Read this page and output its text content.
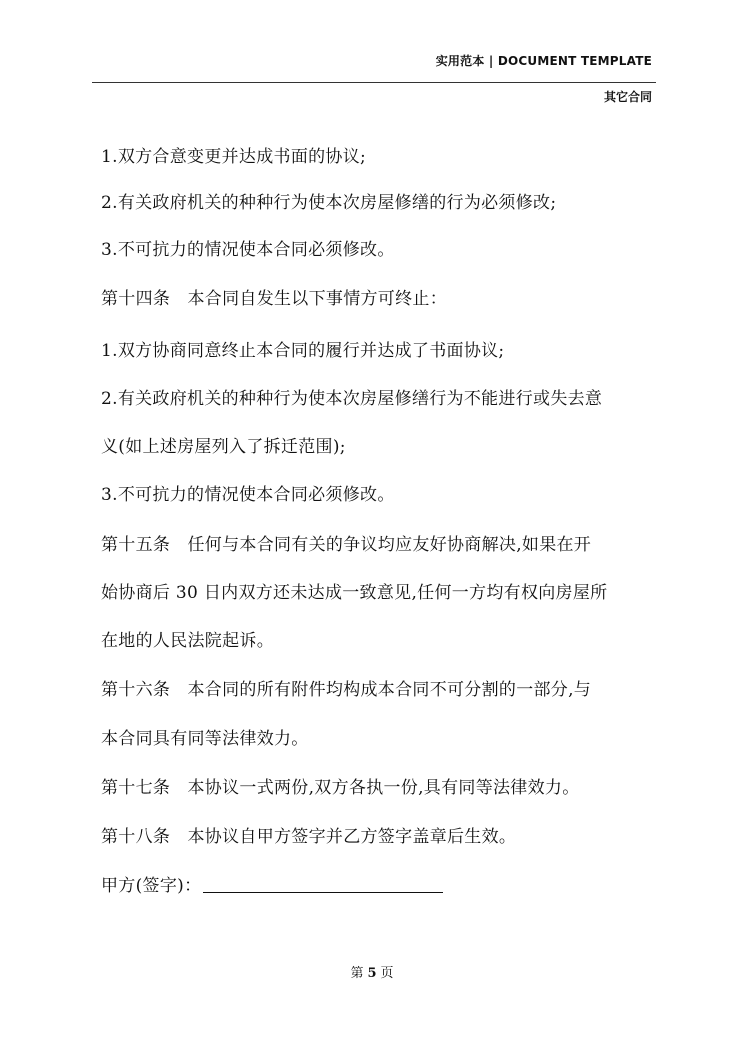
实用范本 | DOCUMENT TEMPLATE
其它合同
1.双方合意变更并达成书面的协议;
2.有关政府机关的种种行为使本次房屋修缮的行为必须修改;
3.不可抗力的情况使本合同必须修改。
第十四条　本合同自发生以下事情方可终止：
1.双方协商同意终止本合同的履行并达成了书面协议;
2.有关政府机关的种种行为使本次房屋修缮行为不能进行或失去意
义(如上述房屋列入了拆迁范围);
3.不可抗力的情况使本合同必须修改。
第十五条　任何与本合同有关的争议均应友好协商解决,如果在开
始协商后 30 日内双方还未达成一致意见,任何一方均有权向房屋所
在地的人民法院起诉。
第十六条　本合同的所有附件均构成本合同不可分割的一部分,与
本合同具有同等法律效力。
第十七条　本协议一式两份,双方各执一份,具有同等法律效力。
第十八条　本协议自甲方签字并乙方签字盖章后生效。
甲方(签字)：
第 5 页
